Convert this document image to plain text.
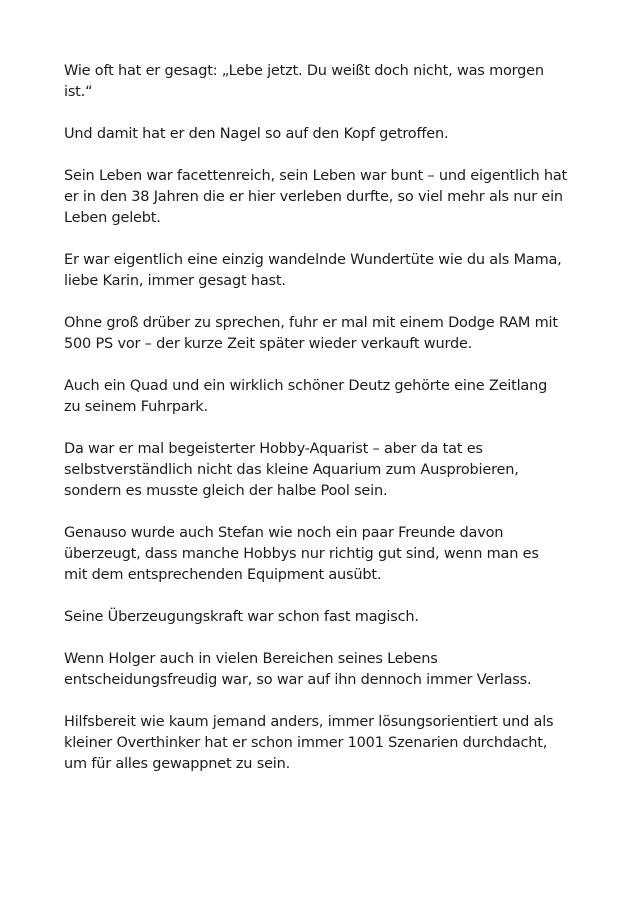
Wie oft hat er gesagt: „Lebe jetzt. Du weißt doch nicht, was morgen
ist.“

Und damit hat er den Nagel so auf den Kopf getroffen.

Sein Leben war facettenreich, sein Leben war bunt – und eigentlich hat
er in den 38 Jahren die er hier verleben durfte, so viel mehr als nur ein
Leben gelebt.

Er war eigentlich eine einzig wandelnde Wundertüte wie du als Mama,
liebe Karin, immer gesagt hast.

Ohne groß drüber zu sprechen, fuhr er mal mit einem Dodge RAM mit
500 PS vor – der kurze Zeit später wieder verkauft wurde.

Auch ein Quad und ein wirklich schöner Deutz gehörte eine Zeitlang
zu seinem Fuhrpark.

Da war er mal begeisterter Hobby-Aquarist – aber da tat es
selbstverständlich nicht das kleine Aquarium zum Ausprobieren,
sondern es musste gleich der halbe Pool sein.

Genauso wurde auch Stefan wie noch ein paar Freunde davon
überzeugt, dass manche Hobbys nur richtig gut sind, wenn man es
mit dem entsprechenden Equipment ausübt.

Seine Überzeugungskraft war schon fast magisch.

Wenn Holger auch in vielen Bereichen seines Lebens
entscheidungsfreudig war, so war auf ihn dennoch immer Verlass.

Hilfsbereit wie kaum jemand anders, immer lösungsorientiert und als
kleiner Overthinker hat er schon immer 1001 Szenarien durchdacht,
um für alles gewappnet zu sein.
